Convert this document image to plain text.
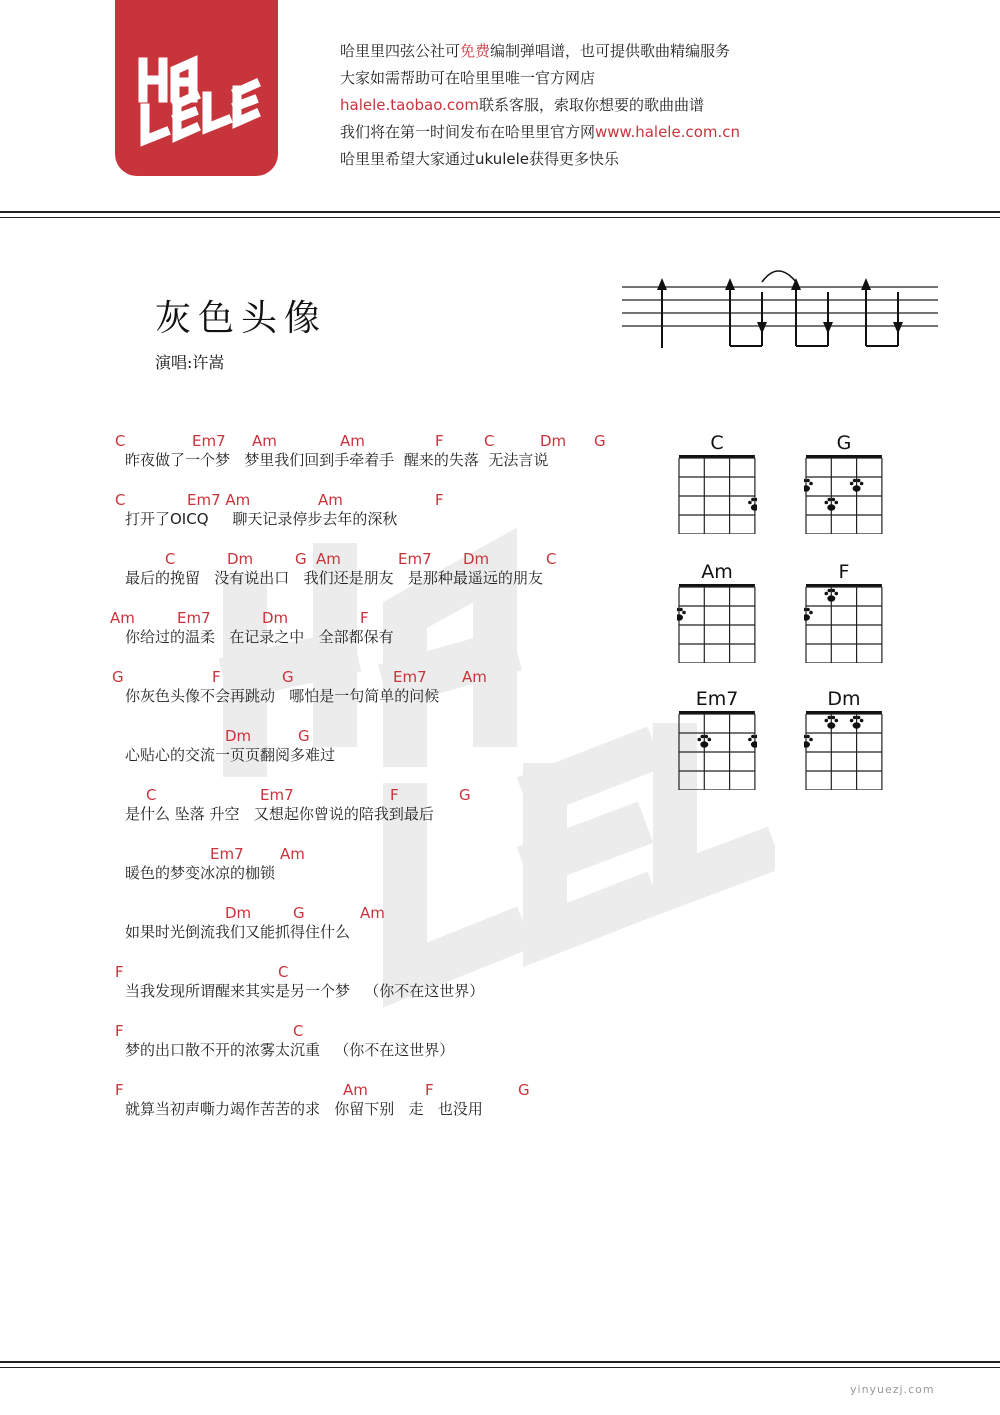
哈里里四弦公社可免费编制弹唱谱，也可提供歌曲精编服务
大家如需帮助可在哈里里唯一官方网店
halele.taobao.com联系客服，索取你想要的歌曲曲谱
我们将在第一时间发布在哈里里官方网www.halele.com.cn
哈里里希望大家通过ukulele获得更多快乐
灰色头像
演唱:许嵩
C	Em7 Am	Am	F	C	Dm G
昨夜做了一个梦   梦里我们回到手牵着手  醒来的失落  无法言说
C	Em7 Am	Am	F
打开了OICQ     聊天记录停步去年的深秋
C	Dm	G Am	Em7 Dm	C
最后的挽留   没有说出口   我们还是朋友   是那种最遥远的朋友
Am	Em7	Dm	F
你给过的温柔   在记录之中   全部都保有
G	F	G	Em7 Am
你灰色头像不会再跳动   哪怕是一句简单的问候
Dm	G
心贴心的交流一页页翻阅多难过
C	Em7	F	G
是什么 坠落 升空   又想起你曾说的陪我到最后
Em7 Am
暖色的梦变冰凉的枷锁
Dm	G	Am
如果时光倒流我们又能抓得住什么
F	C
当我发现所谓醒来其实是另一个梦   （你不在这世界）
F	C
梦的出口散不开的浓雾太沉重   （你不在这世界）
F	Am	F	G
就算当初声嘶力竭作苦苦的求   你留下别   走   也没用
C	G
Am	F
Em7	Dm
yinyuezj.com
